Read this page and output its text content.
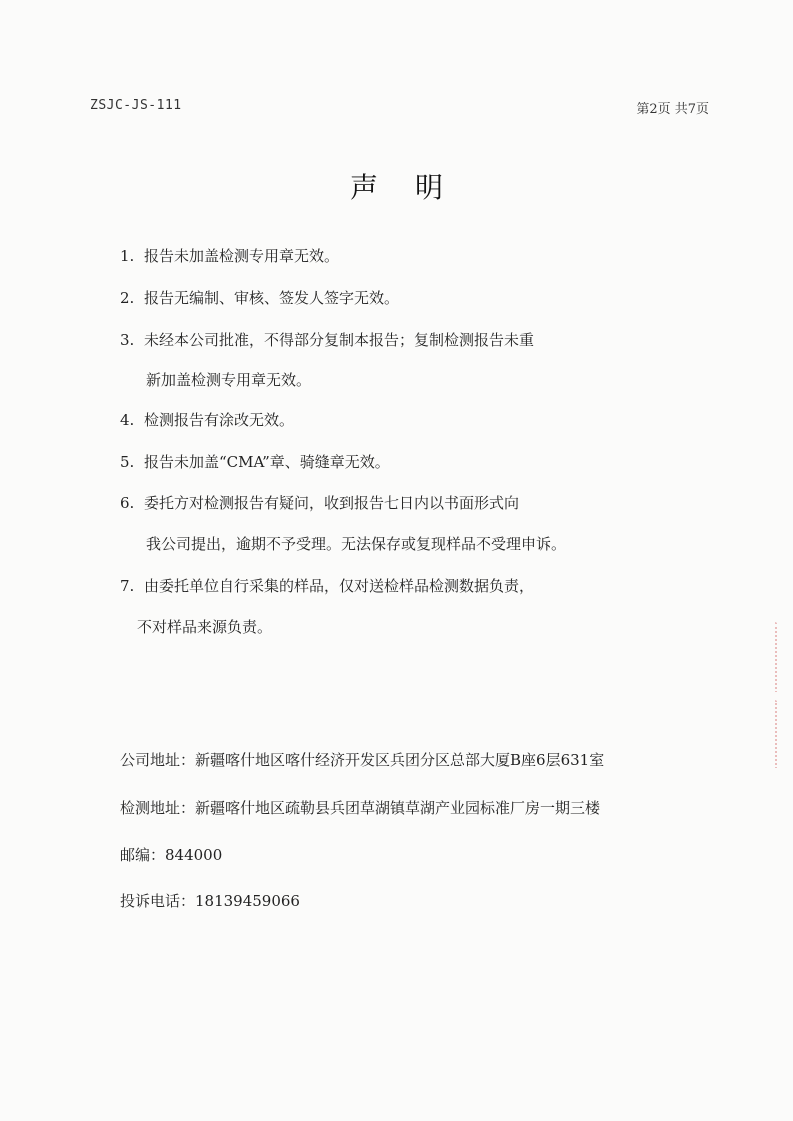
ZSJC-JS-111	第2页 共7页
声 明
1. 报告未加盖检测专用章无效。
2. 报告无编制、审核、签发人签字无效。
3. 未经本公司批准，不得部分复制本报告；复制检测报告未重
新加盖检测专用章无效。
4. 检测报告有涂改无效。
5. 报告未加盖“CMA”章、骑缝章无效。
6. 委托方对检测报告有疑问，收到报告七日内以书面形式向
我公司提出，逾期不予受理。无法保存或复现样品不受理申诉。
7. 由委托单位自行采集的样品，仅对送检样品检测数据负责，
不对样品来源负责。
公司地址：新疆喀什地区喀什经济开发区兵团分区总部大厦B座6层631室
检测地址：新疆喀什地区疏勒县兵团草湖镇草湖产业园标准厂房一期三楼
邮编：844000
投诉电话：18139459066
